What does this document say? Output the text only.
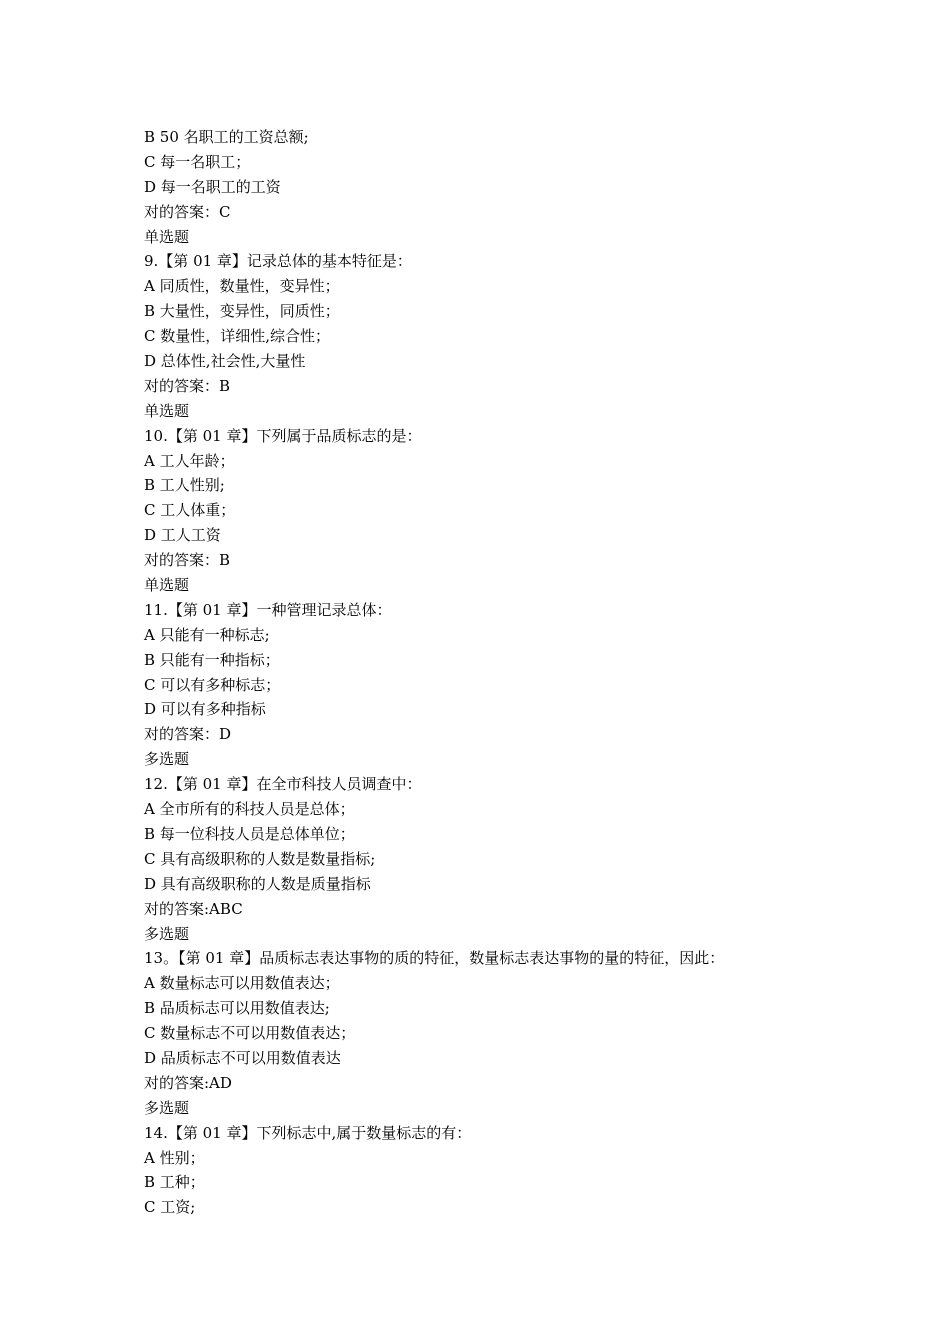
B 50 名职工的工资总额;
C 每一名职工；
D 每一名职工的工资
对的答案：C
单选题
9.【第 01 章】记录总体的基本特征是：
A 同质性，数量性，变异性；
B 大量性，变异性，同质性；
C 数量性，详细性,综合性；
D 总体性,社会性,大量性
对的答案：B
单选题
10.【第 01 章】下列属于品质标志的是：
A 工人年龄；
B 工人性别;
C 工人体重；
D 工人工资
对的答案：B
单选题
11.【第 01 章】一种管理记录总体：
A 只能有一种标志;
B 只能有一种指标；
C 可以有多种标志；
D 可以有多种指标
对的答案：D
多选题
12.【第 01 章】在全市科技人员调查中：
A 全市所有的科技人员是总体；
B 每一位科技人员是总体单位；
C 具有高级职称的人数是数量指标;
D 具有高级职称的人数是质量指标
对的答案:ABC
多选题
13。【第 01 章】品质标志表达事物的质的特征，数量标志表达事物的量的特征，因此：
A 数量标志可以用数值表达；
B 品质标志可以用数值表达;
C 数量标志不可以用数值表达；
D 品质标志不可以用数值表达
对的答案:AD
多选题
14.【第 01 章】下列标志中,属于数量标志的有：
A 性别；
B 工种；
C 工资;
